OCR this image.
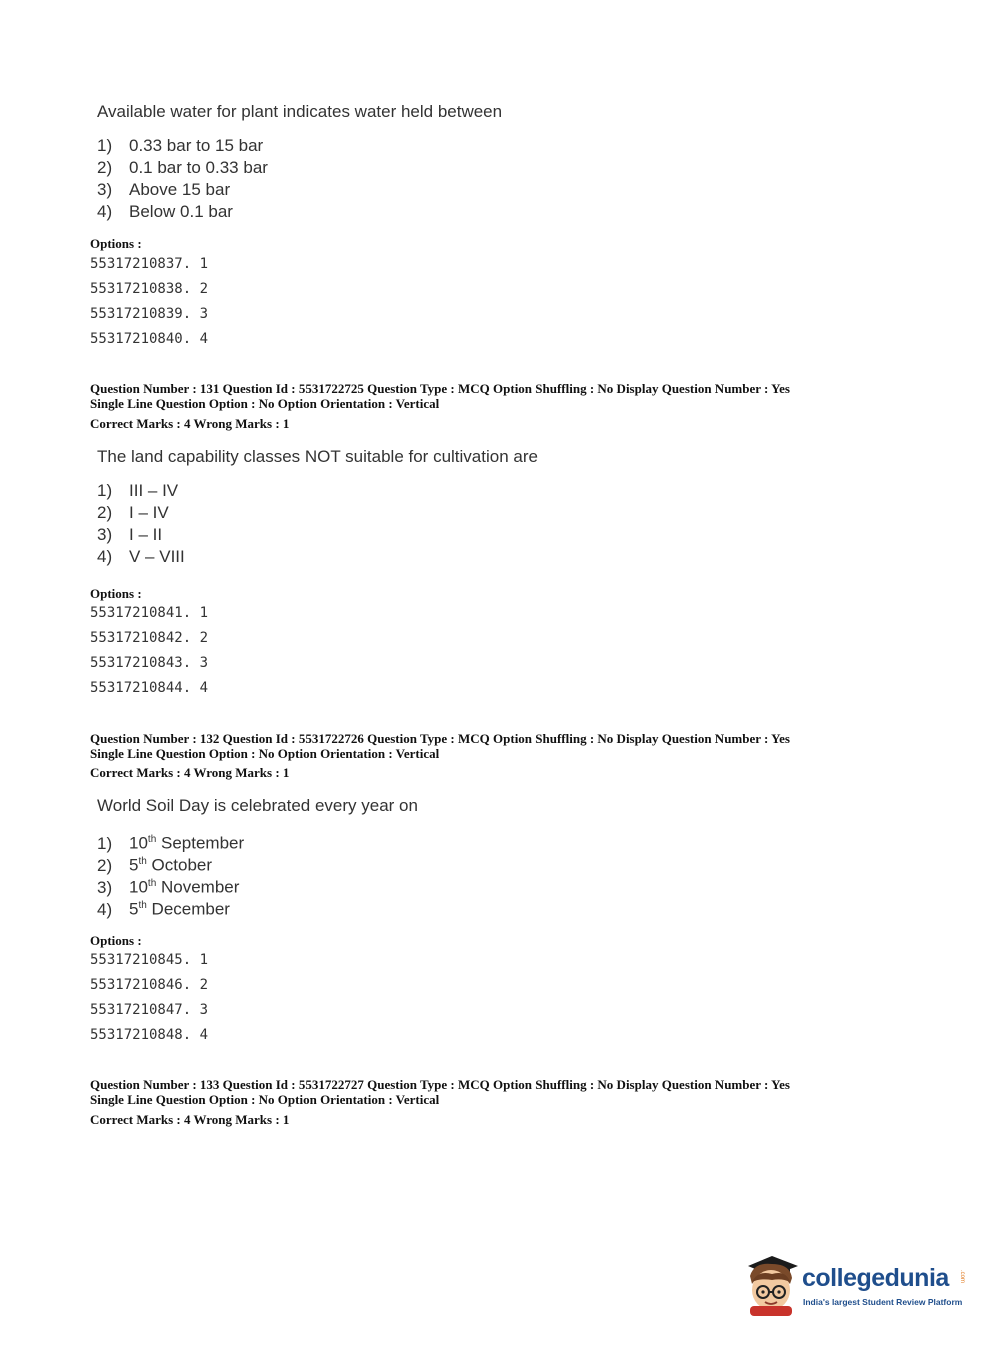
Available water for plant indicates water held between
1) 0.33 bar to 15 bar
2) 0.1 bar to 0.33 bar
3) Above 15 bar
4) Below 0.1 bar
Options :
55317210837. 1
55317210838. 2
55317210839. 3
55317210840. 4
Question Number : 131 Question Id : 5531722725 Question Type : MCQ Option Shuffling : No Display Question Number : Yes
Single Line Question Option : No Option Orientation : Vertical
Correct Marks : 4 Wrong Marks : 1
The land capability classes NOT suitable for cultivation are
1) III – IV
2) I – IV
3) I – II
4) V – VIII
Options :
55317210841. 1
55317210842. 2
55317210843. 3
55317210844. 4
Question Number : 132 Question Id : 5531722726 Question Type : MCQ Option Shuffling : No Display Question Number : Yes
Single Line Question Option : No Option Orientation : Vertical
Correct Marks : 4 Wrong Marks : 1
World Soil Day is celebrated every year on
1) 10th September
2) 5th October
3) 10th November
4) 5th December
Options :
55317210845. 1
55317210846. 2
55317210847. 3
55317210848. 4
Question Number : 133 Question Id : 5531722727 Question Type : MCQ Option Shuffling : No Display Question Number : Yes
Single Line Question Option : No Option Orientation : Vertical
Correct Marks : 4 Wrong Marks : 1
collegedunia .com
India's largest Student Review Platform
